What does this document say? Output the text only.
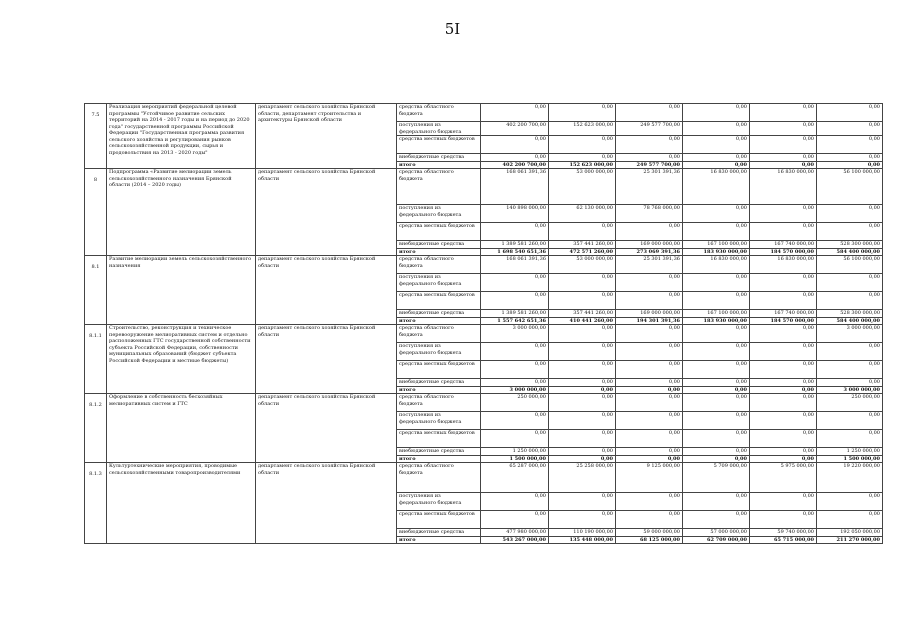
5I
7.5	Реализация мероприятий федеральной целевой программы "Устойчивое развитие сельских территорий на 2014 - 2017 годы и на период до 2020 года" государственной программы Российской Федерации "Государственная программа развития сельского хозяйства и регулирования рынков сельскохозяйственной продукции, сырья и продовольствия на 2013 - 2020 годы"	департамент сельского хозяйства Брянской области, департамент строительства и архитектуры Брянской области	средства областного бюджета	0,00	0,00	0,00	0,00	0,00	0,00
			поступления из федерального бюджета	402 200 700,00	152 623 000,00	249 577 700,00	0,00	0,00	0,00
			средства местных бюджетов	0,00	0,00	0,00	0,00	0,00	0,00
			внебюджетные средства	0,00	0,00	0,00	0,00	0,00	0,00
			итого	402 200 700,00	152 623 000,00	249 577 700,00	0,00	0,00	0,00
8	Подпрограмма «Развитие мелиорации земель сельскохозяйственного назначения Брянской области (2014 – 2020 годы)	департамент сельского хозяйства Брянской области	средства областного бюджета	168 061 391,36	53 000 000,00	25 301 391,36	16 830 000,00	16 830 000,00	56 100 000,00
			поступления из федерального бюджета	140 898 000,00	62 130 000,00	78 768 000,00	0,00	0,00	0,00
			средства местных бюджетов	0,00	0,00	0,00	0,00	0,00	0,00
			внебюджетные средства	1 389 581 260,00	357 441 260,00	169 000 000,00	167 100 000,00	167 740 000,00	528 300 000,00
			итого	1 698 540 651,36	472 571 260,00	273 069 391,36	183 930 000,00	184 570 000,00	584 400 000,00
8.1	Развитие мелиорации земель сельскохозяйственного назначения	департамент сельского хозяйства Брянской области	средства областного бюджета	168 061 391,36	53 000 000,00	25 301 391,36	16 830 000,00	16 830 000,00	56 100 000,00
			поступления из федерального бюджета	0,00	0,00	0,00	0,00	0,00	0,00
			средства местных бюджетов	0,00	0,00	0,00	0,00	0,00	0,00
			внебюджетные средства	1 389 581 260,00	357 441 260,00	169 000 000,00	167 100 000,00	167 740 000,00	528 300 000,00
			итого	1 557 642 651,36	410 441 260,00	194 301 391,36	183 930 000,00	184 570 000,00	584 400 000,00
8.1.1	Строительство, реконструкция и техническое перевооружение мелиоративных систем и отдельно расположенных ГТС государственной собственности субъекта Российской Федерации, собственности муниципальных образований (бюджет субъекта Российской Федерации и местные бюджеты)	департамент сельского хозяйства Брянской области	средства областного бюджета	3 000 000,00	0,00	0,00	0,00	0,00	3 000 000,00
			поступления из федерального бюджета	0,00	0,00	0,00	0,00	0,00	0,00
			средства местных бюджетов	0,00	0,00	0,00	0,00	0,00	0,00
			внебюджетные средства	0,00	0,00	0,00	0,00	0,00	0,00
			итого	3 000 000,00	0,00	0,00	0,00	0,00	3 000 000,00
8.1.2	Оформление в собственность бесхозяйных мелиоративных систем и ГТС	департамент сельского хозяйства Брянской области	средства областного бюджета	250 000,00	0,00	0,00	0,00	0,00	250 000,00
			поступления из федерального бюджета	0,00	0,00	0,00	0,00	0,00	0,00
			средства местных бюджетов	0,00	0,00	0,00	0,00	0,00	0,00
			внебюджетные средства	1 250 000,00	0,00	0,00	0,00	0,00	1 250 000,00
			итого	1 500 000,00	0,00	0,00	0,00	0,00	1 500 000,00
8.1.3	Культуртехнические мероприятия, проводимые сельскохозяйственными товаропроизводителями	департамент сельского хозяйства Брянской области	средства областного бюджета	65 287 000,00	25 258 000,00	9 125 000,00	5 709 000,00	5 975 000,00	19 220 000,00
			поступления из федерального бюджета	0,00	0,00	0,00	0,00	0,00	0,00
			средства местных бюджетов	0,00	0,00	0,00	0,00	0,00	0,00
			внебюджетные средства	477 980 000,00	110 190 000,00	59 000 000,00	57 000 000,00	59 740 000,00	192 050 000,00
			итого	543 267 000,00	135 448 000,00	68 125 000,00	62 709 000,00	65 715 000,00	211 270 000,00
